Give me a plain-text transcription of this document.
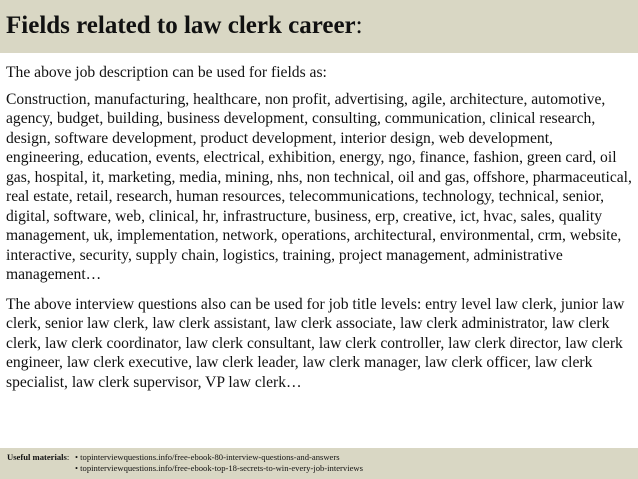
Fields related to law clerk career:

The above job description can be used for fields as:

Construction, manufacturing, healthcare, non profit, advertising, agile, architecture, automotive, agency, budget, building, business development, consulting, communication, clinical research, design, software development, product development, interior design, web development, engineering, education, events, electrical, exhibition, energy, ngo, finance, fashion, green card, oil gas, hospital, it, marketing, media, mining, nhs, non technical, oil and gas, offshore, pharmaceutical, real estate, retail, research, human resources, telecommunications, technology, technical, senior, digital, software, web, clinical, hr, infrastructure, business, erp, creative, ict, hvac, sales, quality management, uk, implementation, network, operations, architectural, environmental, crm, website, interactive, security, supply chain, logistics, training, project management, administrative management…

The above interview questions also can be used for job title levels: entry level law clerk, junior law clerk, senior law clerk, law clerk assistant, law clerk associate, law clerk administrator, law clerk clerk, law clerk coordinator, law clerk consultant, law clerk controller, law clerk director, law clerk engineer, law clerk executive, law clerk leader, law clerk manager, law clerk officer, law clerk specialist, law clerk supervisor, VP law clerk…

Useful materials: • topinterviewquestions.info/free-ebook-80-interview-questions-and-answers
• topinterviewquestions.info/free-ebook-top-18-secrets-to-win-every-job-interviews
